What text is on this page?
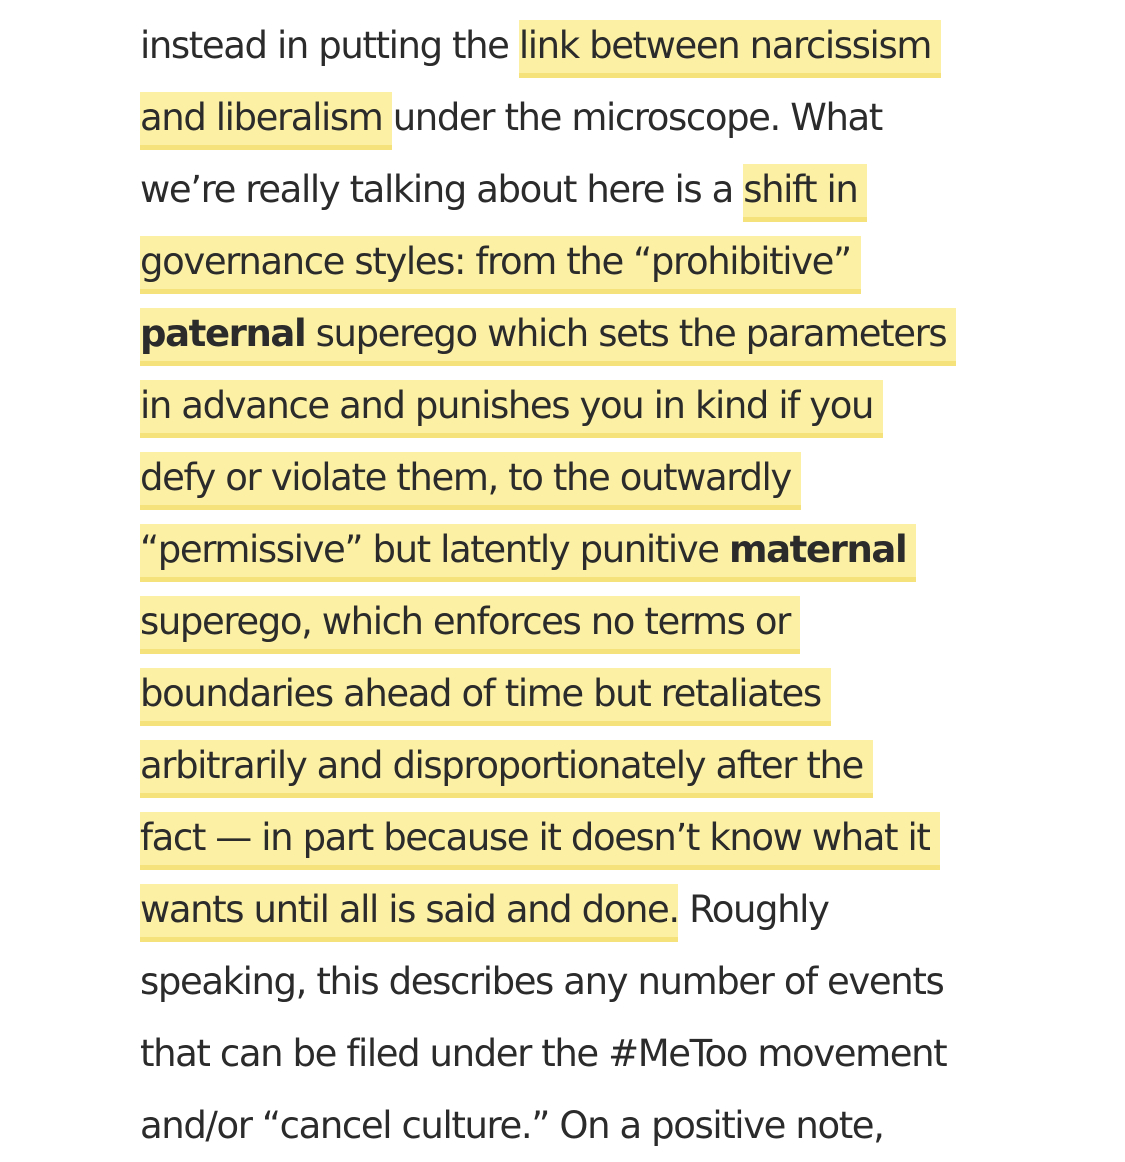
instead in putting the link between narcissism
and liberalism under the microscope. What
we’re really talking about here is a shift in
governance styles: from the “prohibitive”
paternal superego which sets the parameters
in advance and punishes you in kind if you
defy or violate them, to the outwardly
“permissive” but latently punitive maternal
superego, which enforces no terms or
boundaries ahead of time but retaliates
arbitrarily and disproportionately after the
fact — in part because it doesn’t know what it
wants until all is said and done. Roughly
speaking, this describes any number of events
that can be filed under the #MeToo movement
and/or “cancel culture.” On a positive note,
